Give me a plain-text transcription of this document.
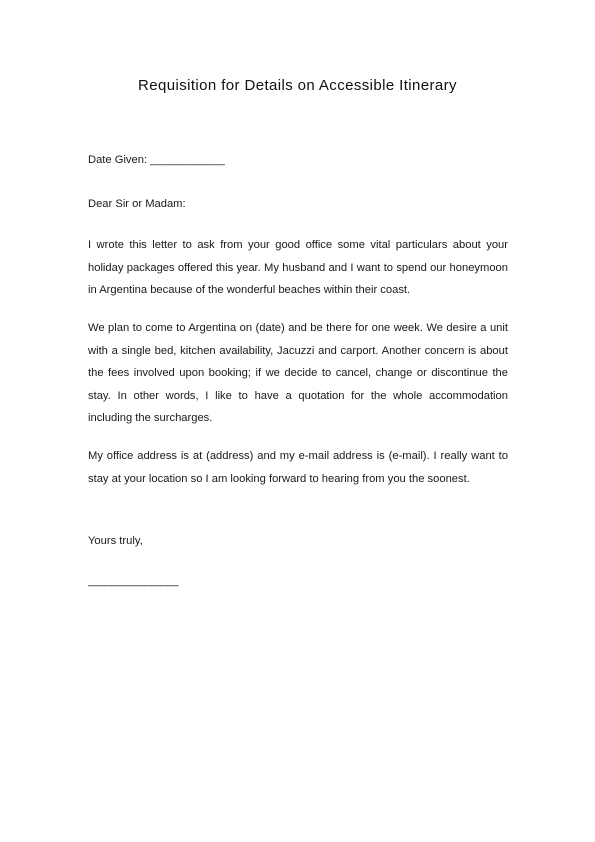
Requisition for Details on Accessible Itinerary
Date Given: ____________
Dear Sir or Madam:
I wrote this letter to ask from your good office some vital particulars about your holiday packages offered this year. My husband and I want to spend our honeymoon in Argentina because of the wonderful beaches within their coast.
We plan to come to Argentina on (date) and be there for one week. We desire a unit with a single bed, kitchen availability, Jacuzzi and carport. Another concern is about the fees involved upon booking; if we decide to cancel, change or discontinue the stay. In other words, I like to have a quotation for the whole accommodation including the surcharges.
My office address is at (address) and my e-mail address is (e-mail). I really want to stay at your location so I am looking forward to hearing from you the soonest.
Yours truly,
________________
